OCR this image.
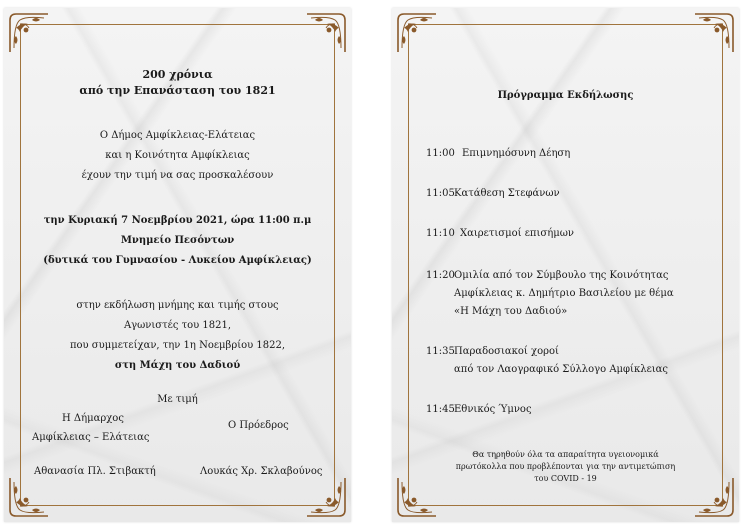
200 χρόνια
από την Επανάσταση του 1821
Ο Δήμος Αμφίκλειας-Ελάτειας
και η Κοινότητα Αμφίκλειας
έχουν την τιμή να σας προσκαλέσουν
την Κυριακή 7 Νοεμβρίου 2021, ώρα 11:00 π.μ
Μνημείο Πεσόντων
(δυτικά του Γυμνασίου - Λυκείου Αμφίκλειας)
στην εκδήλωση μνήμης και τιμής στους
Αγωνιστές του 1821,
που συμμετείχαν, την 1η Νοεμβρίου 1822,
στη Μάχη του Δαδιού
Με τιμή
Η Δήμαρχος
Αμφίκλειας – Ελάτειας
Ο Πρόεδρος
Αθανασία Πλ. Στιβακτή	Λουκάς Χρ. Σκλαβούνος
Πρόγραμμα Εκδήλωσης
11:00 Επιμνημόσυνη Δέηση
11:05 Κατάθεση Στεφάνων
11:10 Χαιρετισμοί επισήμων
11:20 Ομιλία από τον Σύμβουλο της Κοινότητας
Αμφίκλειας κ. Δημήτριο Βασιλείου με θέμα
«Η Μάχη του Δαδιού»
11:35 Παραδοσιακοί χοροί
από τον Λαογραφικό Σύλλογο Αμφίκλειας
11:45 Εθνικός Ύμνος
Θα τηρηθούν όλα τα απαραίτητα υγειονομικά
πρωτόκολλα που προβλέπονται για την αντιμετώπιση
του COVID - 19
